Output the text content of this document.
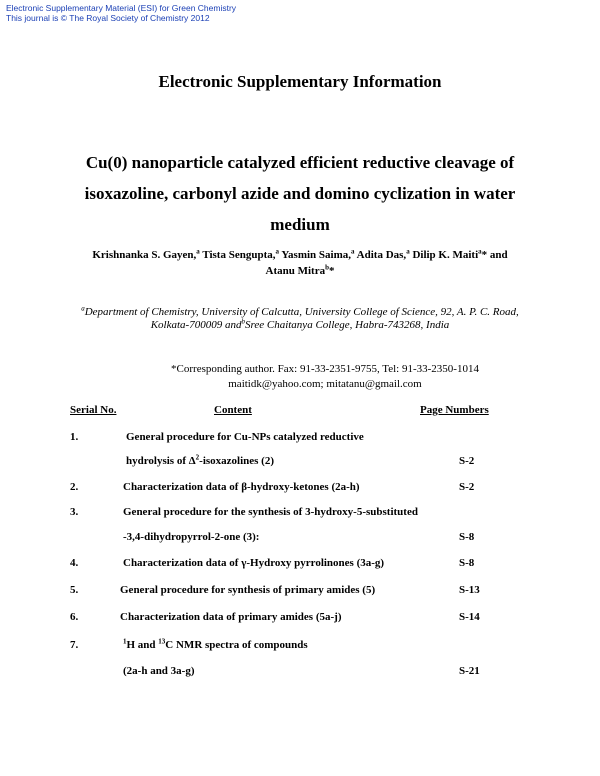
Electronic Supplementary Material (ESI) for Green Chemistry
This journal is © The Royal Society of Chemistry 2012
Electronic Supplementary Information
Cu(0) nanoparticle catalyzed efficient reductive cleavage of isoxazoline, carbonyl azide and domino cyclization in water medium
Krishnanka S. Gayen,$^a$ Tista Sengupta,$^a$ Yasmin Saima,$^a$ Adita Das,$^a$ Dilip K. Maiti$^a$* and
Atanu Mitra$^b$*
$^a$Department of Chemistry, University of Calcutta, University College of Science, 92, A. P. C. Road, Kolkata-700009 and$^b$Sree Chaitanya College, Habra-743268, India
*Corresponding author. Fax: 91-33-2351-9755, Tel: 91-33-2350-1014
maitidk@yahoo.com; mitatanu@gmail.com
Serial No.	Content	Page Numbers
1.	General procedure for Cu-NPs catalyzed reductive
hydrolysis of $\Delta^2$-isoxazolines (2)	S-2
2.	Characterization data of β-hydroxy-ketones (2a-h)	S-2
3.	General procedure for the synthesis of 3-hydroxy-5-substituted
-3,4-dihydropyrrol-2-one (3):	S-8
4.	Characterization data of γ-Hydroxy pyrrolinones (3a-g)	S-8
5.	General procedure for synthesis of primary amides (5)	S-13
6.	Characterization data of primary amides (5a-j)	S-14
7.	$^1$H and $^{13}$C NMR spectra of compounds
(2a-h and 3a-g)	S-21
